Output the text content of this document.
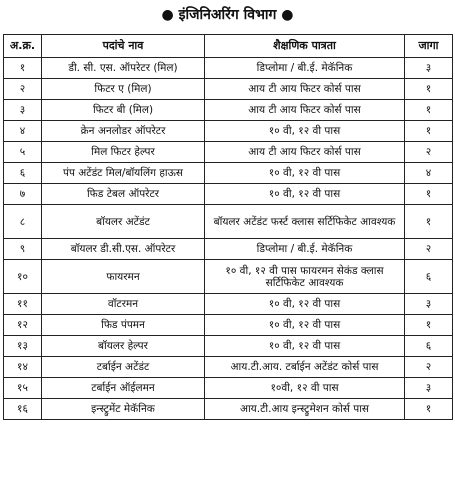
● इंजिनिअरिंग विभाग ●
अ.क्र.	पदांचे नाव	शैक्षणिक पात्रता	जागा
१	डी. सी. एस. ऑपरेटर (मिल)	डिप्लोमा / बी.ई. मेकॅनिक	३
२	फिटर ए (मिल)	आय टी आय फिटर कोर्स पास	१
३	फिटर बी (मिल)	आय टी आय फिटर कोर्स पास	१
४	क्रेन अनलोडर ऑपरेटर	१० वी, १२ वी पास	१
५	मिल फिटर हेल्पर	आय टी आय फिटर कोर्स पास	२
६	पंप अटेंडंट मिल/बॉयलिंग हाऊस	१० वी, १२ वी पास	४
७	फिड टेबल ऑपरेटर	१० वी, १२ वी पास	१
८	बॉयलर अटेंडंट	बॉयलर अटेंडंट फर्स्ट क्लास सर्टिफिकेट आवश्यक	१
९	बॉयलर डी.सी.एस. ऑपरेटर	डिप्लोमा / बी.ई. मेकॅनिक	२
१०	फायरमन	१० वी, १२ वी पास फायरमन सेकंड क्लास सर्टिफिकेट आवश्यक	६
११	वॉटरमन	१० वी, १२ वी पास	३
१२	फिड पंपमन	१० वी, १२ वी पास	१
१३	बॉयलर हेल्पर	१० वी, १२ वी पास	६
१४	टर्बाईन अटेंडंट	आय.टी.आय. टर्बाईन अटेंडंट कोर्स पास	२
१५	टर्बाईन ऑईलमन	१०वी, १२ वी पास	३
१६	इन्स्ट्रुमेंट मेकॅनिक	आय.टी.आय इन्स्ट्रुमेशन कोर्स पास	१
